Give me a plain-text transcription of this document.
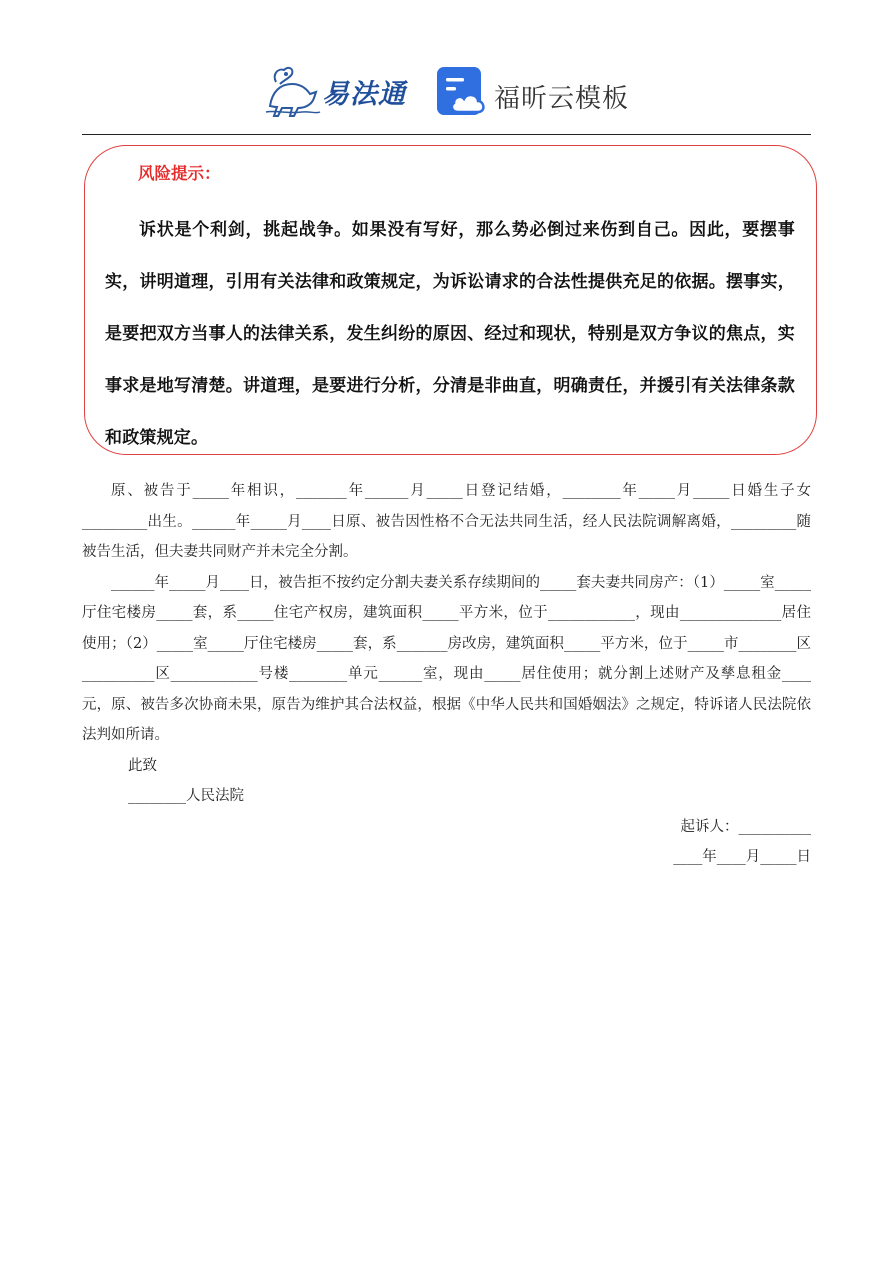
易法通	福昕云模板
风险提示：
诉状是个利剑，挑起战争。如果没有写好，那么势必倒过来伤到自己。因此，要摆事实，讲明道理，引用有关法律和政策规定，为诉讼请求的合法性提供充足的依据。摆事实，是要把双方当事人的法律关系，发生纠纷的原因、经过和现状，特别是双方争议的焦点，实事求是地写清楚。讲道理，是要进行分析，分清是非曲直，明确责任，并援引有关法律条款和政策规定。

原、被告于_____年相识，_______年______月_____日登记结婚，________年_____月_____日婚生子女_________出生。______年_____月____日原、被告因性格不合无法共同生活，经人民法院调解离婚，_________随被告生活，但夫妻共同财产并未完全分割。

______年_____月____日，被告拒不按约定分割夫妻关系存续期间的_____套夫妻共同房产：（1）_____室_____厅住宅楼房_____套，系_____住宅产权房，建筑面积_____平方米，位于____________，现由______________居住使用；（2）_____室_____厅住宅楼房_____套，系_______房改房，建筑面积_____平方米，位于_____市________区__________区____________号楼________单元______室，现由_____居住使用；就分割上述财产及孳息租金____元，原、被告多次协商未果，原告为维护其合法权益，根据《中华人民共和国婚姻法》之规定，特诉诸人民法院依法判如所请。

此致

________人民法院

起诉人：__________

____年____月_____日
